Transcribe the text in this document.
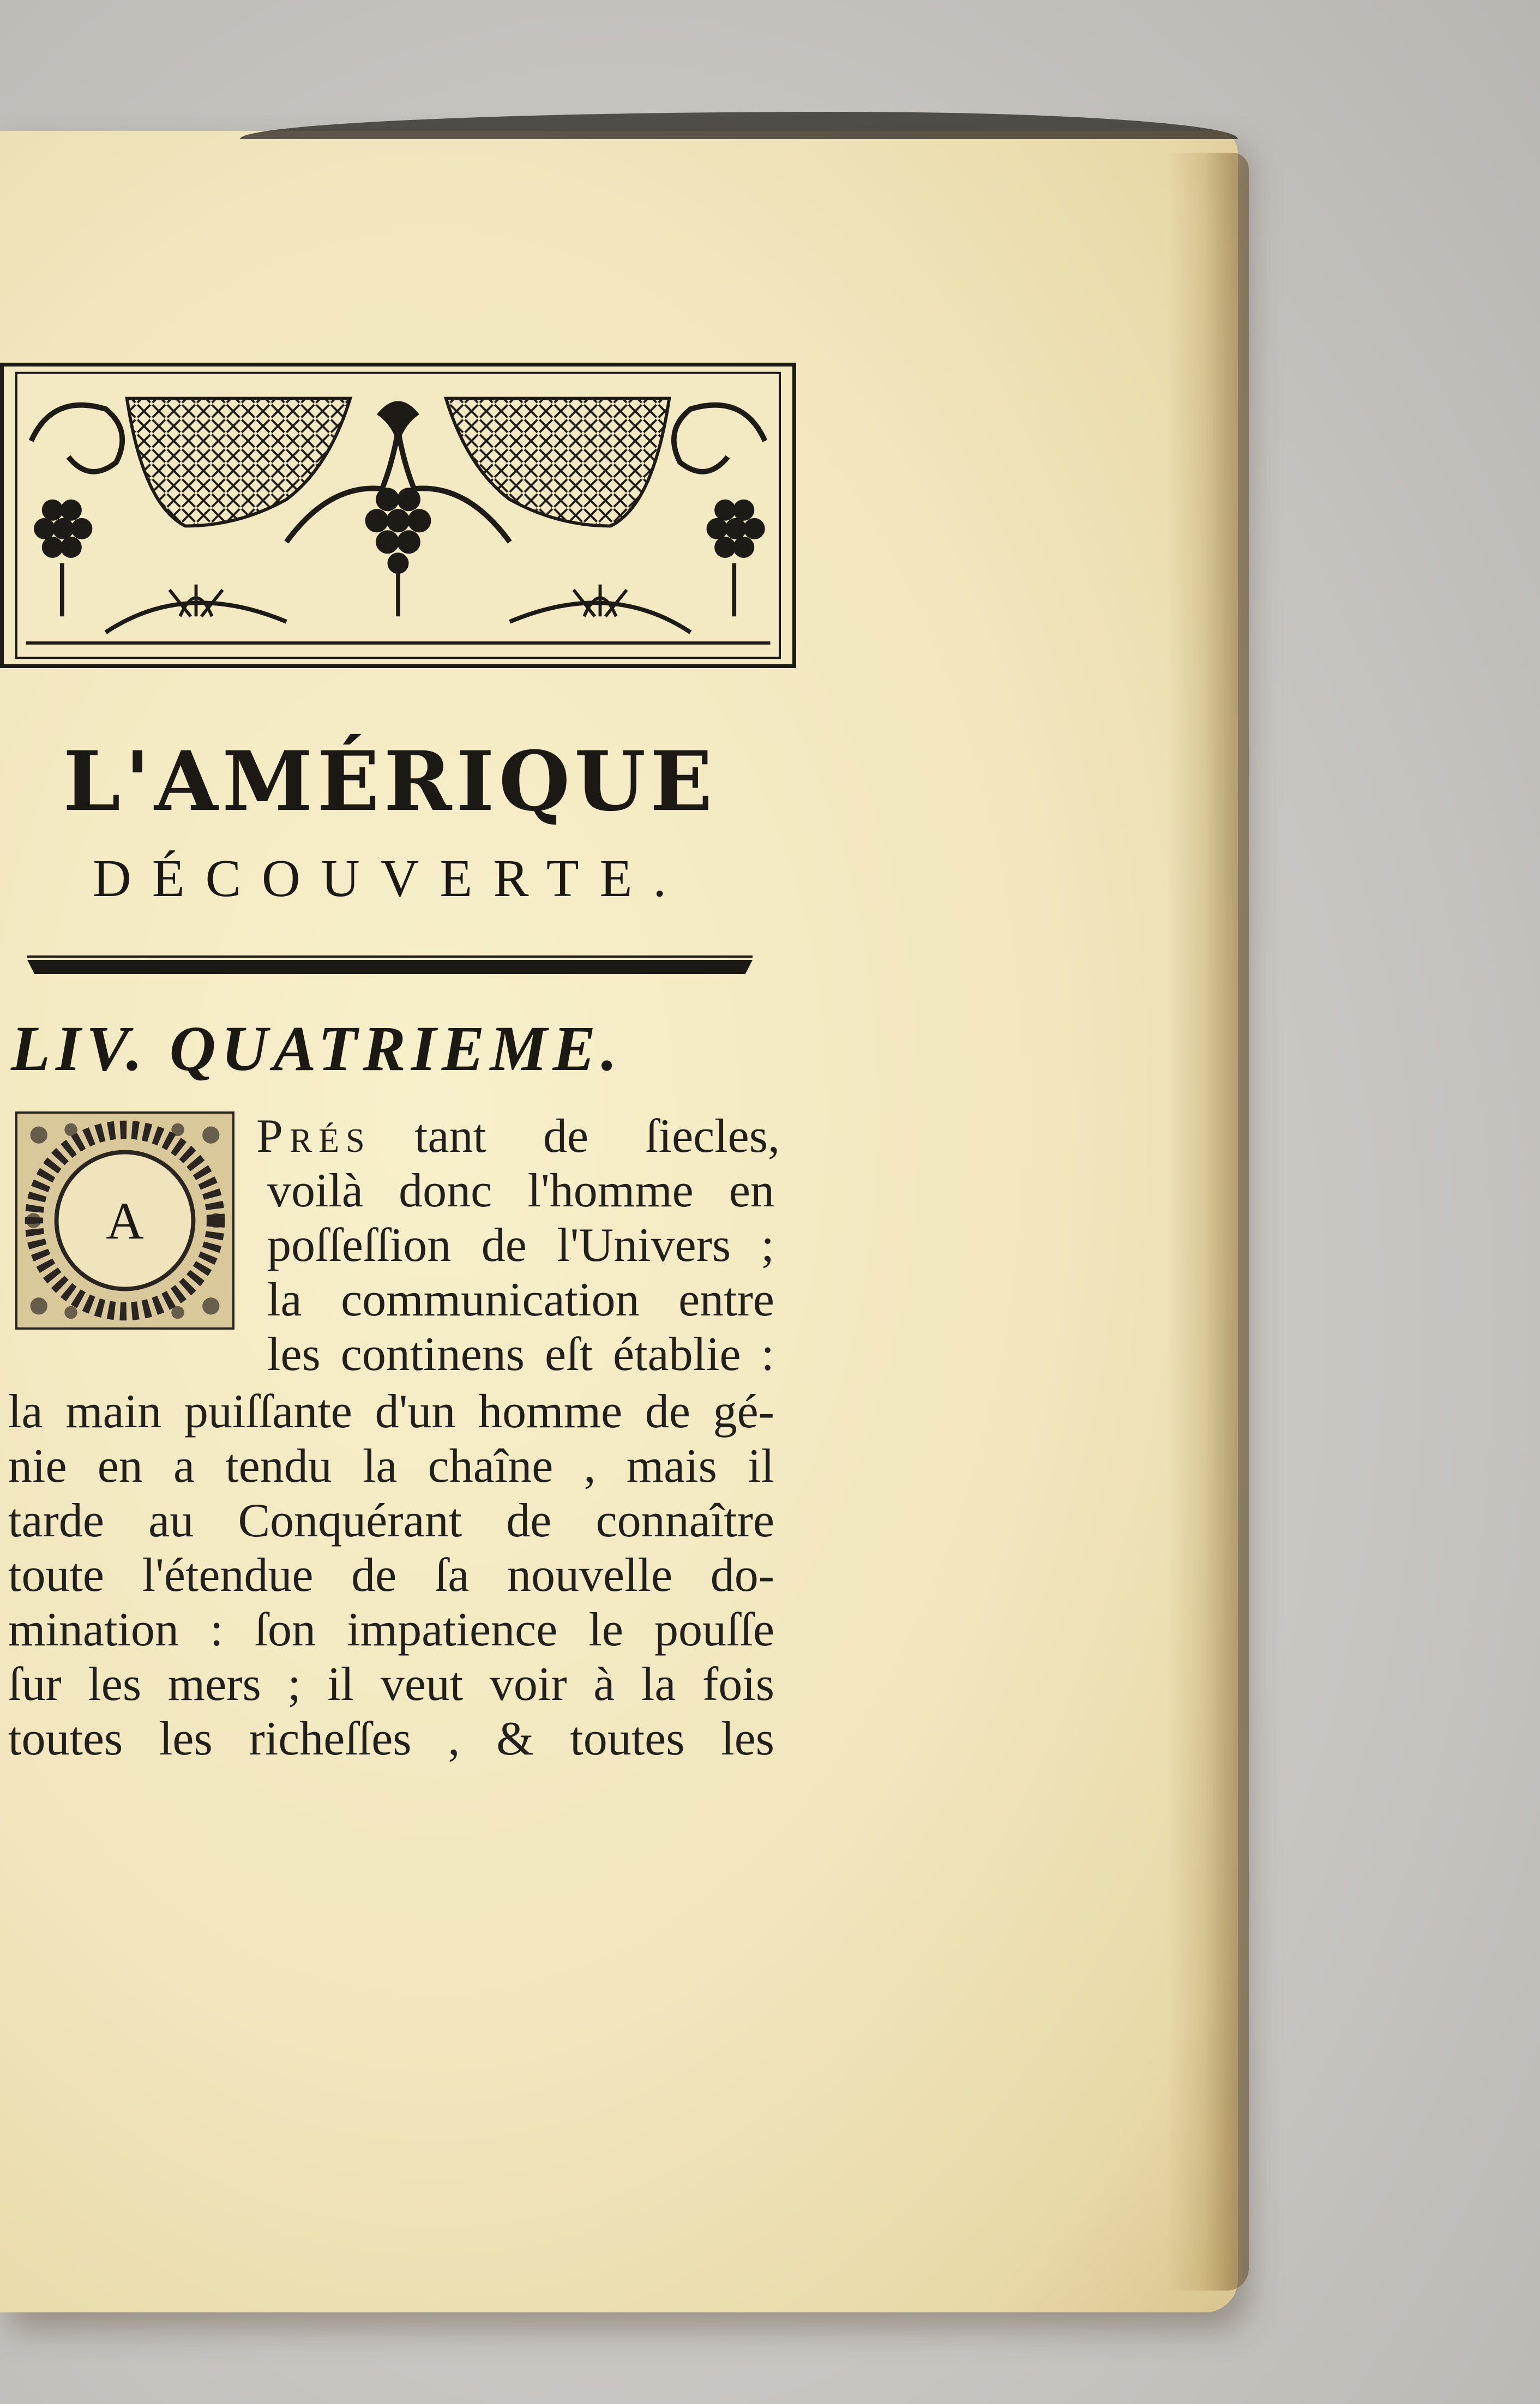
L'AMÉRIQUE
DÉCOUVERTE.
LIV. QUATRIEME.
A
Prés tant de ſiecles,
voilà donc l'homme en
poſſeſſion de l'Univers ;
la communication entre
les continens eſt établie :
la main puiſſante d'un homme de gé-
nie en a tendu la chaîne , mais il
tarde au Conquérant de connaître
toute l'étendue de ſa nouvelle do-
mination : ſon impatience le pouſſe
ſur les mers ; il veut voir à la fois
toutes les richeſſes , & toutes les
